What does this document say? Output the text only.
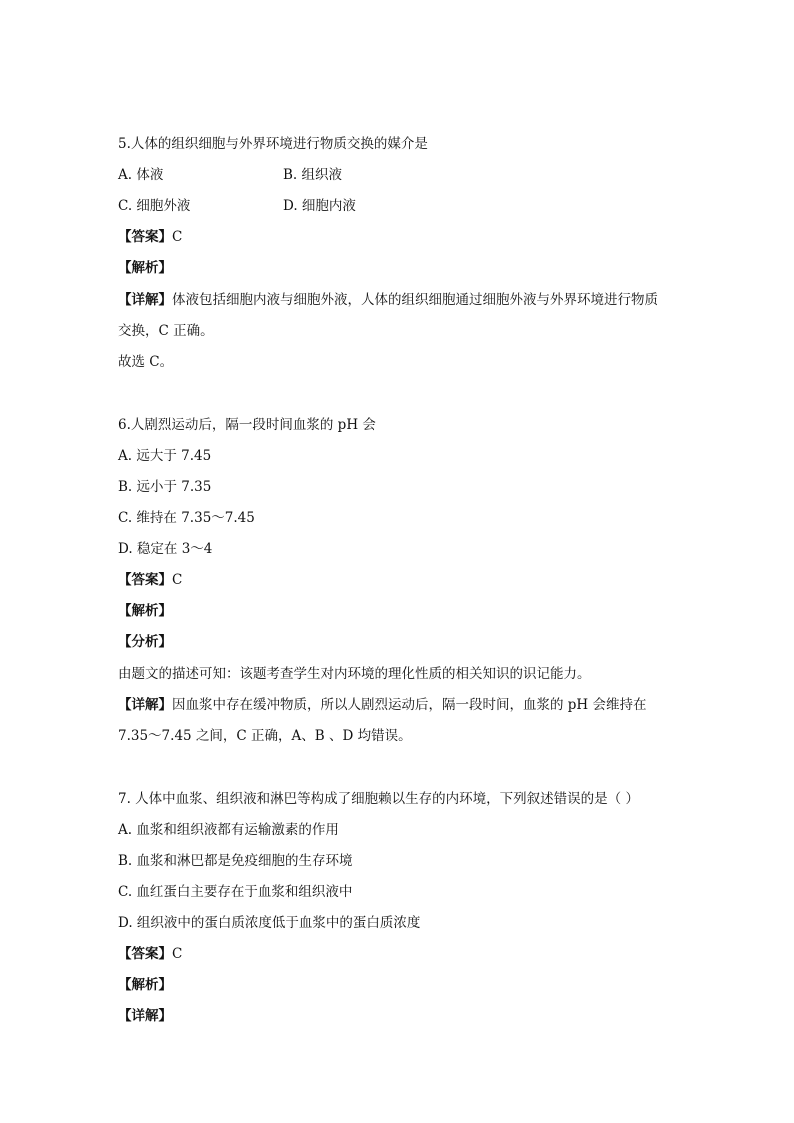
5.人体的组织细胞与外界环境进行物质交换的媒介是
A. 体液	B. 组织液
C. 细胞外液	D. 细胞内液
【答案】C
【解析】
【详解】体液包括细胞内液与细胞外液，人体的组织细胞通过细胞外液与外界环境进行物质
交换，C 正确。
故选 C。
6.人剧烈运动后，隔一段时间血浆的 pH 会
A. 远大于 7.45
B. 远小于 7.35
C. 维持在 7.35～7.45
D. 稳定在 3～4
【答案】C
【解析】
【分析】
由题文的描述可知：该题考查学生对内环境的理化性质的相关知识的识记能力。
【详解】因血浆中存在缓冲物质，所以人剧烈运动后，隔一段时间，血浆的 pH 会维持在
7.35～7.45 之间，C 正确，A、B 、D 均错误。
7. 人体中血浆、组织液和淋巴等构成了细胞赖以生存的内环境，下列叙述错误的是（ ）
A. 血浆和组织液都有运输激素的作用
B. 血浆和淋巴都是免疫细胞的生存环境
C. 血红蛋白主要存在于血浆和组织液中
D. 组织液中的蛋白质浓度低于血浆中的蛋白质浓度
【答案】C
【解析】
【详解】
